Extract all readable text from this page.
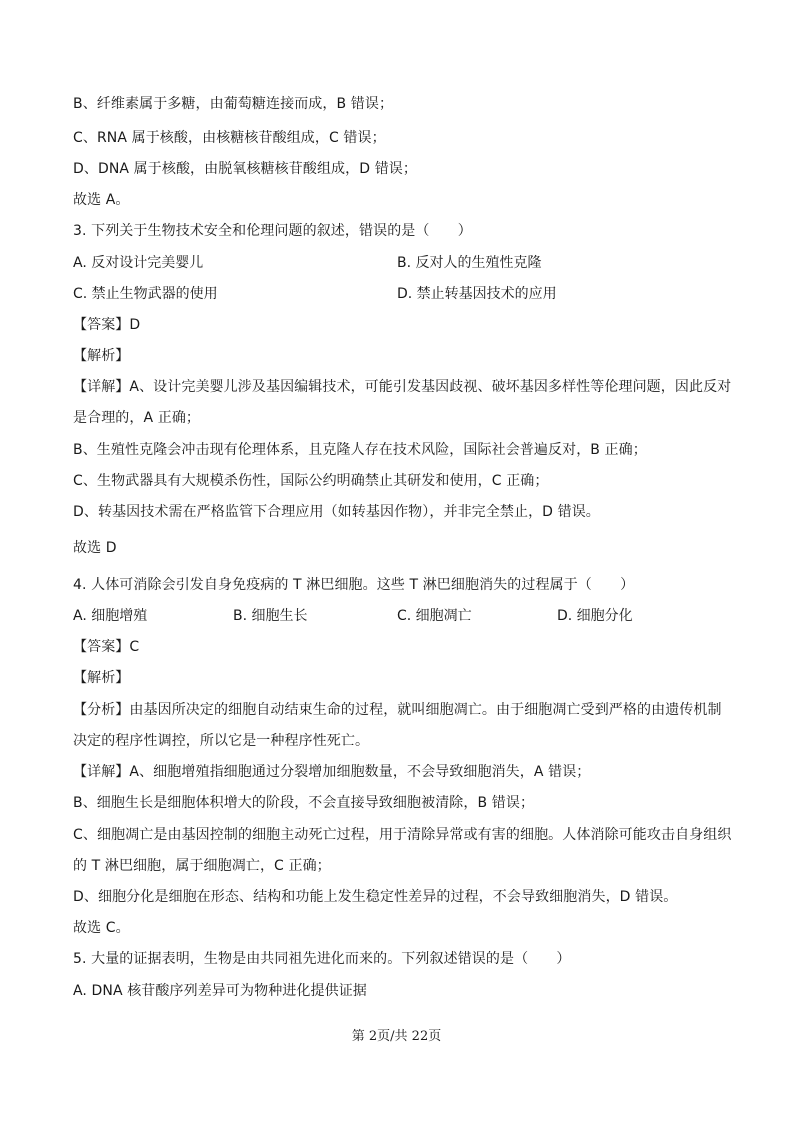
B、纤维素属于多糖，由葡萄糖连接而成，B 错误；
C、RNA 属于核酸，由核糖核苷酸组成，C 错误；
D、DNA 属于核酸，由脱氧核糖核苷酸组成，D 错误；
故选 A。
3. 下列关于生物技术安全和伦理问题的叙述，错误的是（　　）
A. 反对设计完美婴儿	B. 反对人的生殖性克隆
C. 禁止生物武器的使用	D. 禁止转基因技术的应用
【答案】D
【解析】
【详解】A、设计完美婴儿涉及基因编辑技术，可能引发基因歧视、破坏基因多样性等伦理问题，因此反对
是合理的，A 正确；
B、生殖性克隆会冲击现有伦理体系，且克隆人存在技术风险，国际社会普遍反对，B 正确；
C、生物武器具有大规模杀伤性，国际公约明确禁止其研发和使用，C 正确；
D、转基因技术需在严格监管下合理应用（如转基因作物），并非完全禁止，D 错误。
故选 D
4. 人体可消除会引发自身免疫病的 T 淋巴细胞。这些 T 淋巴细胞消失的过程属于（　　）
A. 细胞增殖	B. 细胞生长	C. 细胞凋亡	D. 细胞分化
【答案】C
【解析】
【分析】由基因所决定的细胞自动结束生命的过程，就叫细胞凋亡。由于细胞凋亡受到严格的由遗传机制
决定的程序性调控，所以它是一种程序性死亡。
【详解】A、细胞增殖指细胞通过分裂增加细胞数量，不会导致细胞消失，A 错误；
B、细胞生长是细胞体积增大的阶段，不会直接导致细胞被清除，B 错误；
C、细胞凋亡是由基因控制的细胞主动死亡过程，用于清除异常或有害的细胞。人体消除可能攻击自身组织
的 T 淋巴细胞，属于细胞凋亡，C 正确；
D、细胞分化是细胞在形态、结构和功能上发生稳定性差异的过程，不会导致细胞消失，D 错误。
故选 C。
5. 大量的证据表明，生物是由共同祖先进化而来的。下列叙述错误的是（　　）
A. DNA 核苷酸序列差异可为物种进化提供证据
第 2页/共 22页
